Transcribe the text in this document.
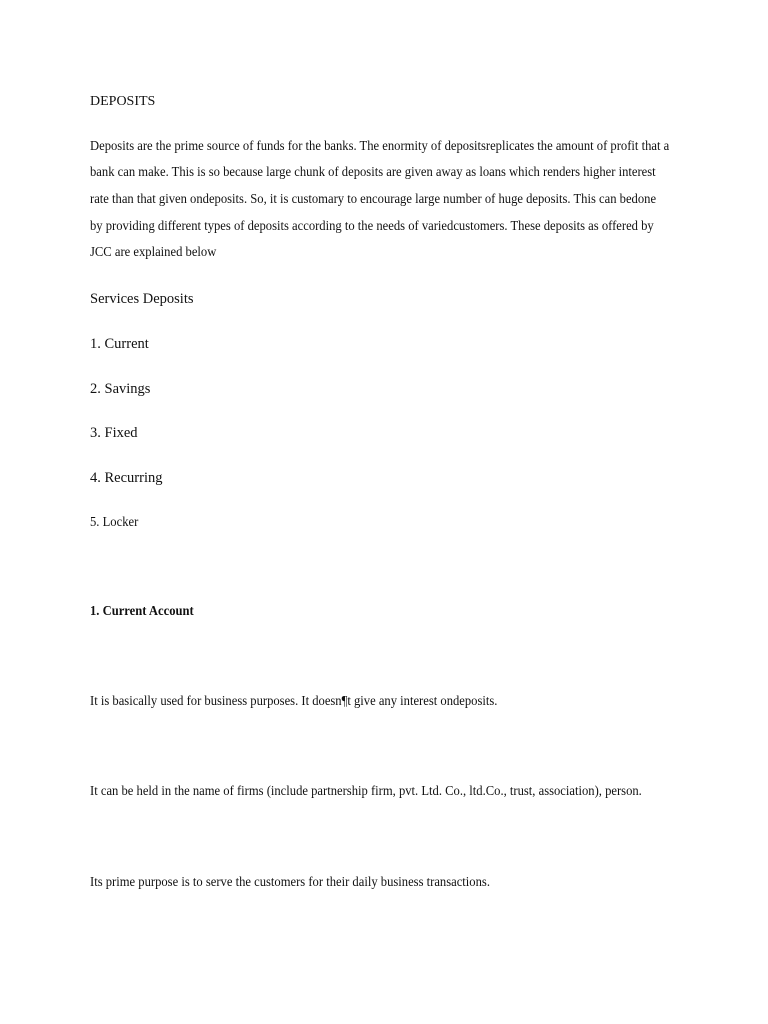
DEPOSITS
Deposits are the prime source of funds for the banks. The enormity of depositsreplicates the amount of profit that a
bank can make. This is so because large chunk of deposits are given away as loans which renders higher interest
rate than that given ondeposits. So, it is customary to encourage large number of huge deposits. This can bedone
by providing different types of deposits according to the needs of variedcustomers. These deposits as offered by
JCC are explained below
Services Deposits
1. Current
2. Savings
3. Fixed
4. Recurring
5. Locker
1. Current Account
It is basically used for business purposes. It doesn¶t give any interest ondeposits.
It can be held in the name of firms (include partnership firm, pvt. Ltd. Co., ltd.Co., trust, association), person.
Its prime purpose is to serve the customers for their daily business transactions.
